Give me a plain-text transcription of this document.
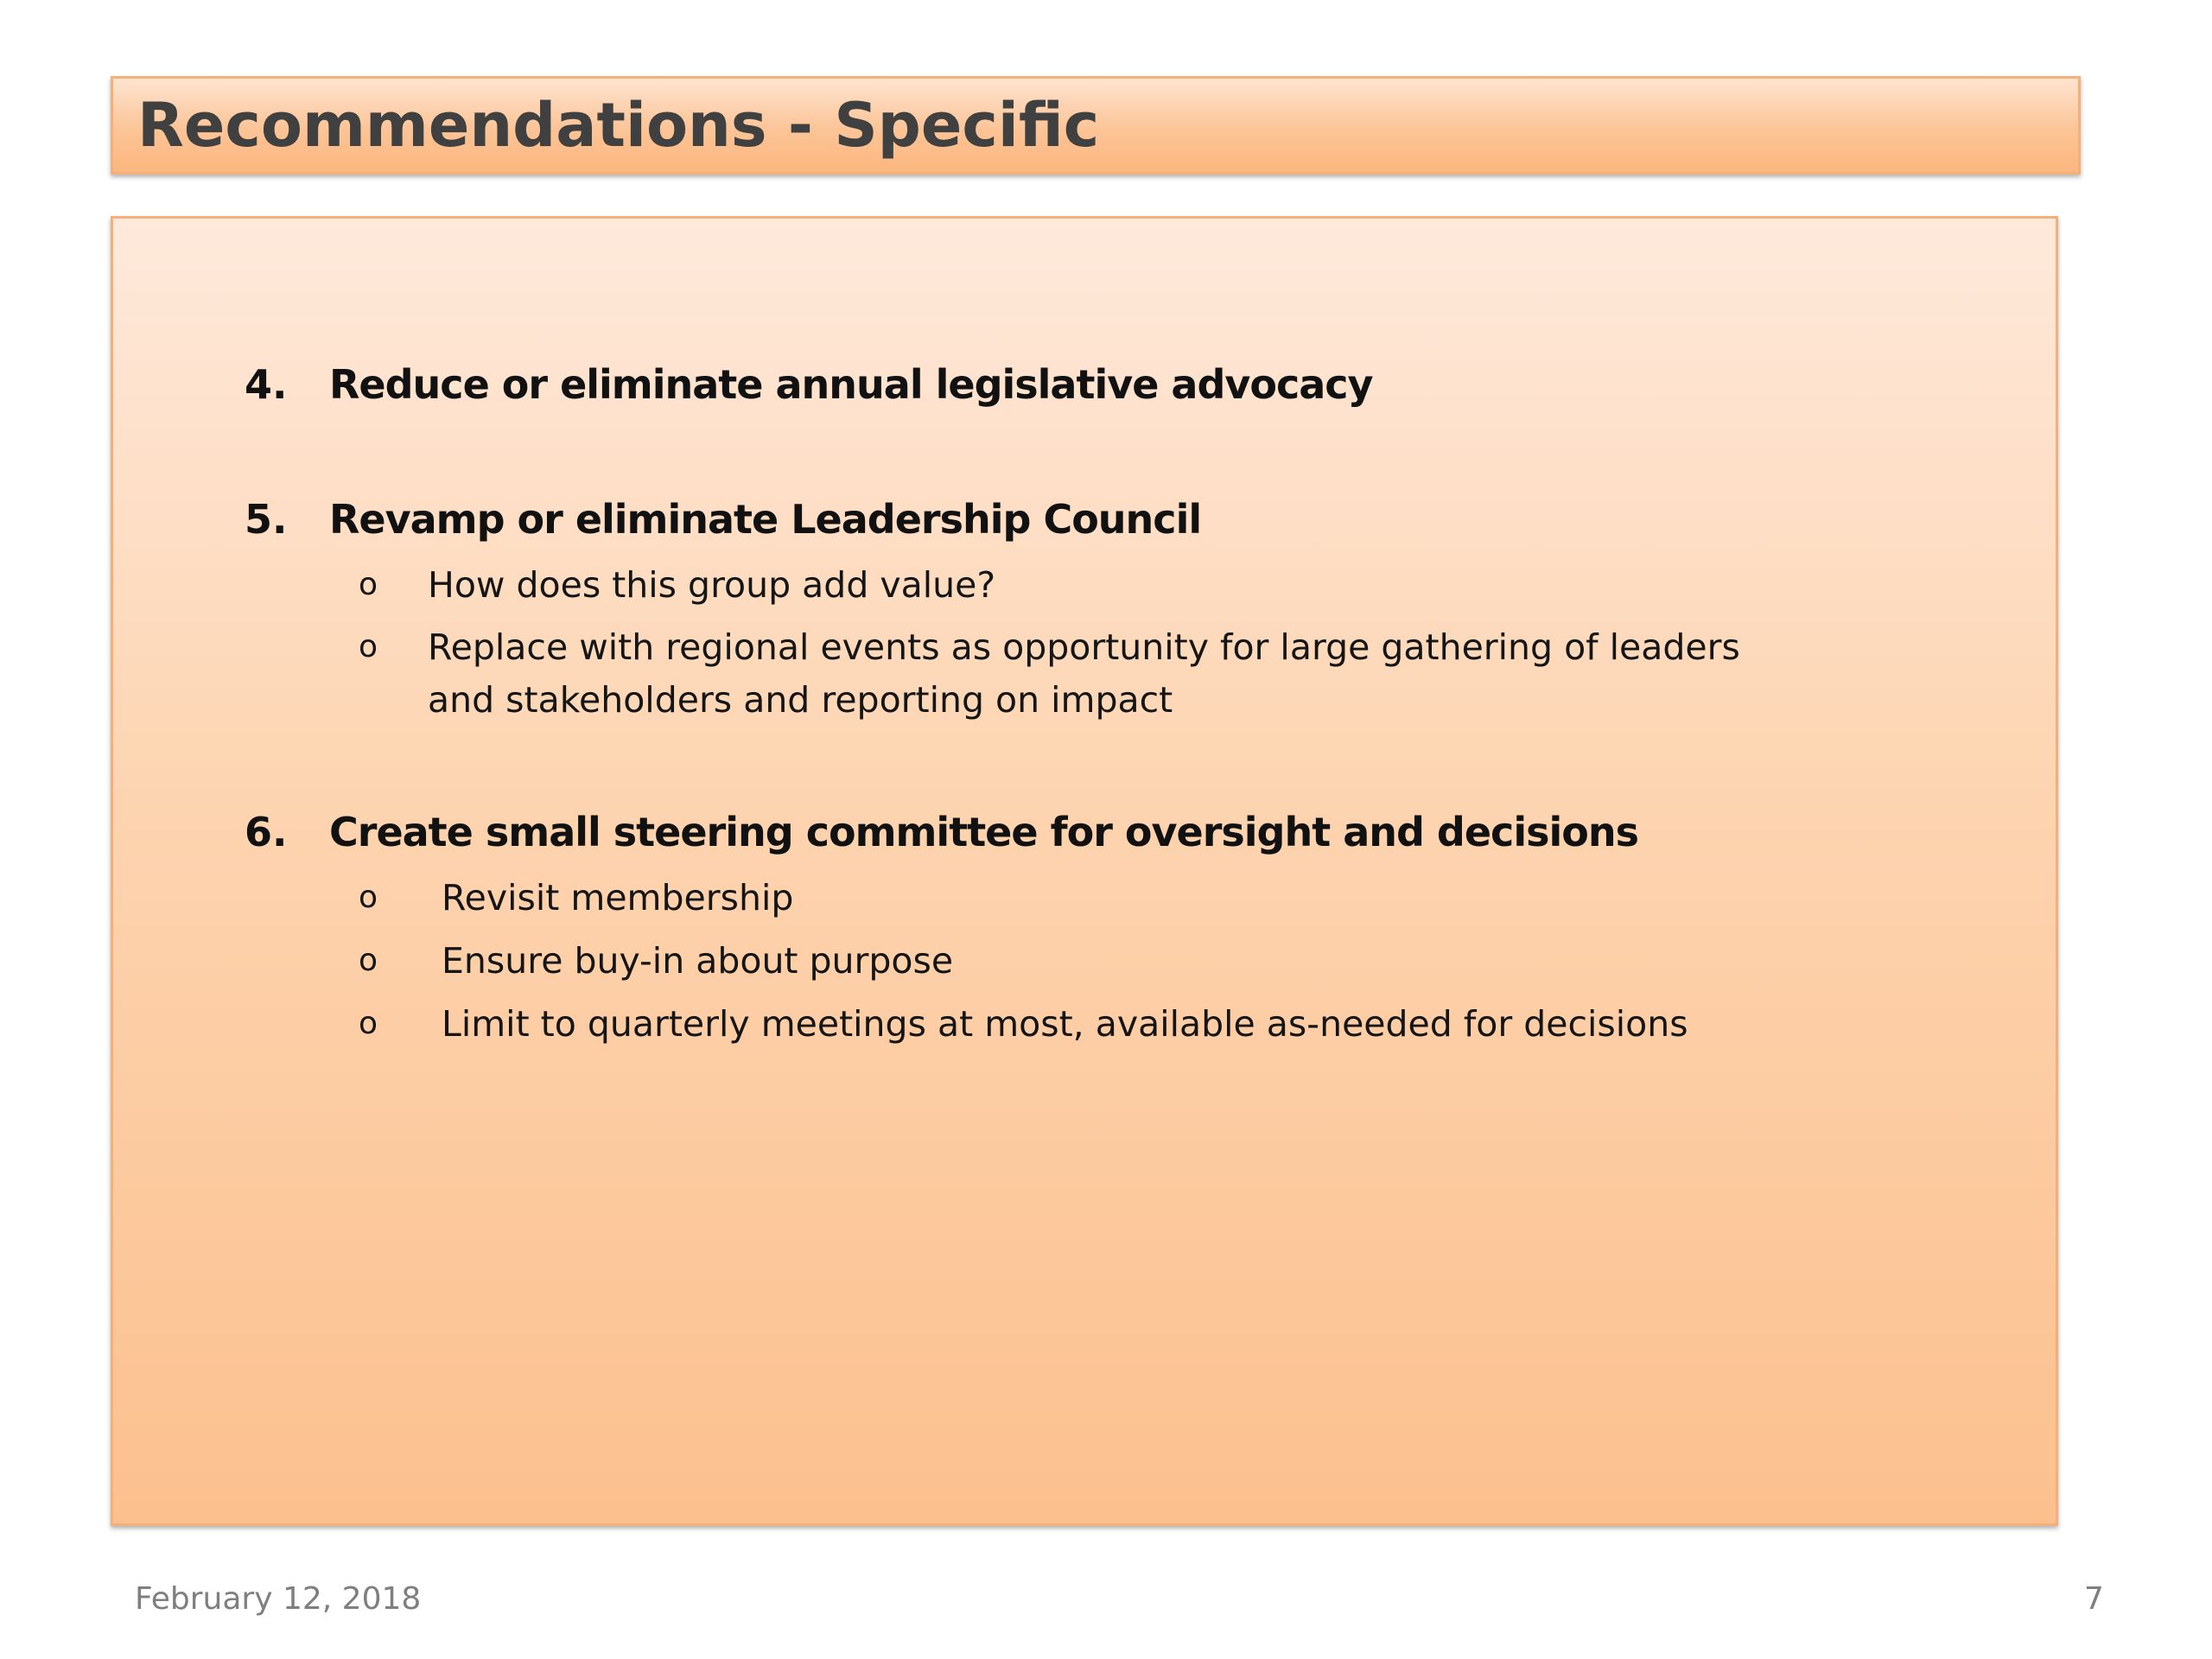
Recommendations - Specific
4. Reduce or eliminate annual legislative advocacy
5. Revamp or eliminate Leadership Council
o How does this group add value?
o Replace with regional events as opportunity for large gathering of leaders
and stakeholders and reporting on impact
6. Create small steering committee for oversight and decisions
o Revisit membership
o Ensure buy-in about purpose
o Limit to quarterly meetings at most, available as-needed for decisions
February 12, 2018	7
